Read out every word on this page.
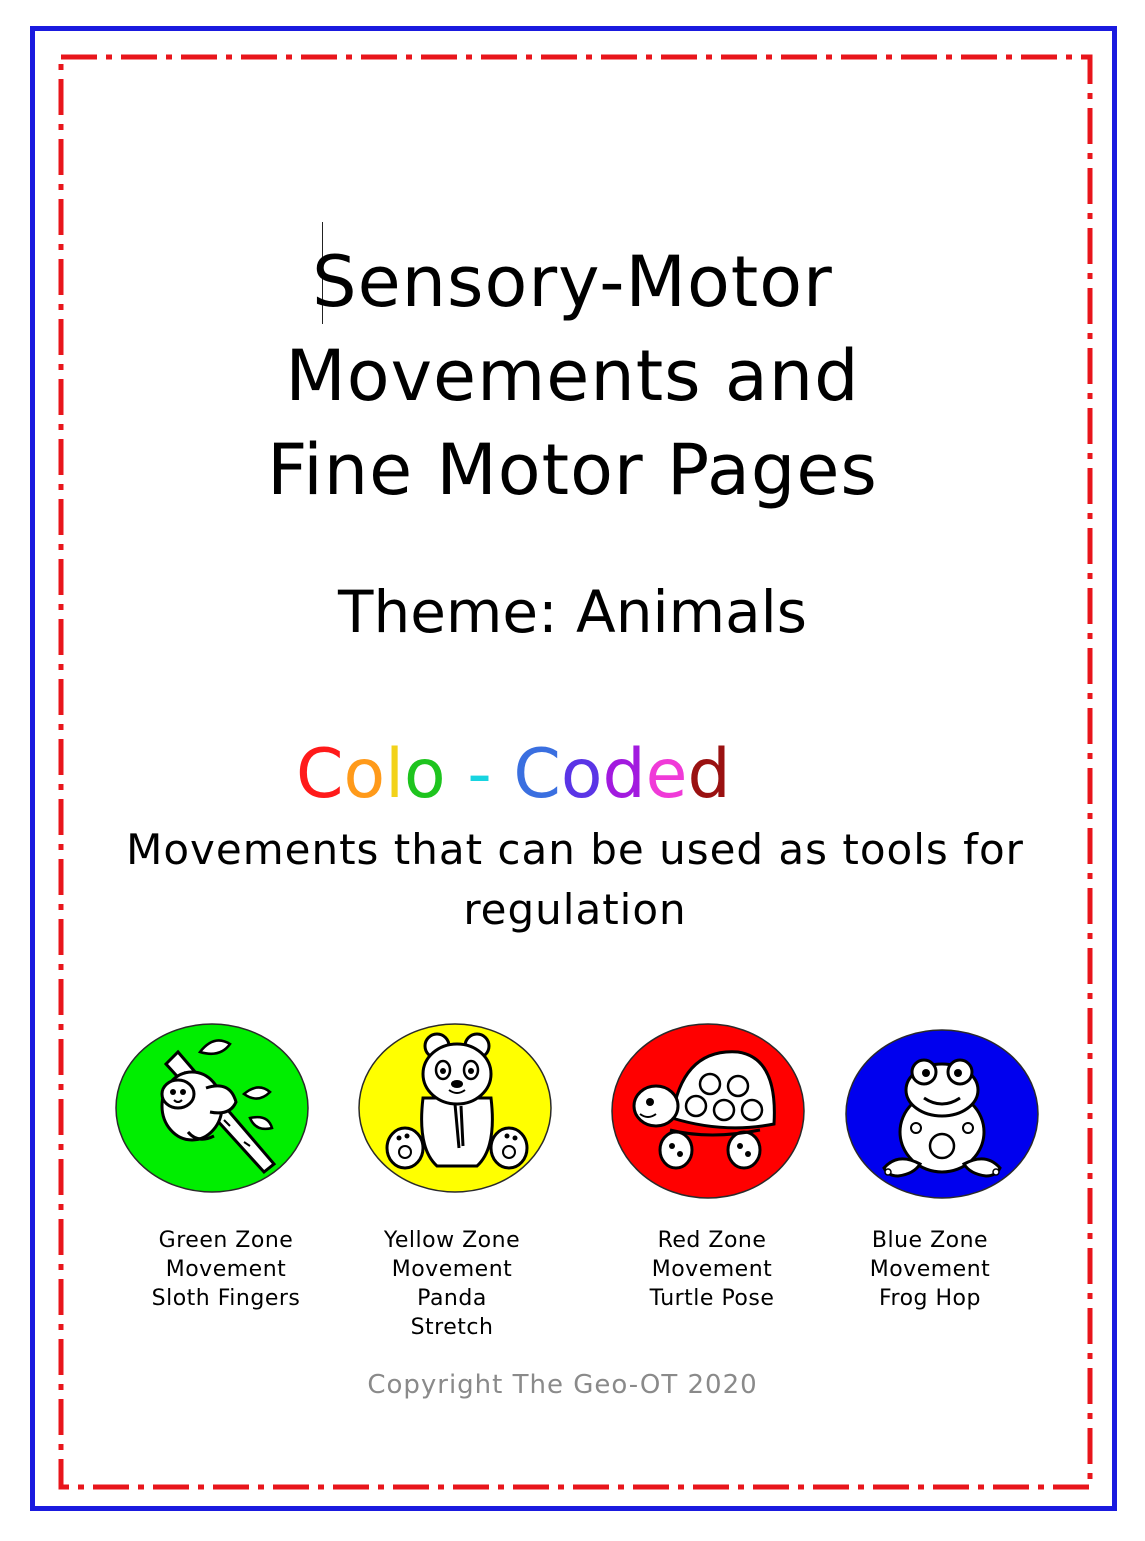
Sensory-Motor
Movements and
Fine Motor Pages
Theme: Animals
Colo - Coded
Movements that can be used as tools for regulation
Green Zone
Movement
Sloth Fingers
Yellow Zone
Movement
Panda
Stretch
Red Zone
Movement
Turtle Pose
Blue Zone
Movement
Frog Hop
Copyright The Geo-OT 2020
